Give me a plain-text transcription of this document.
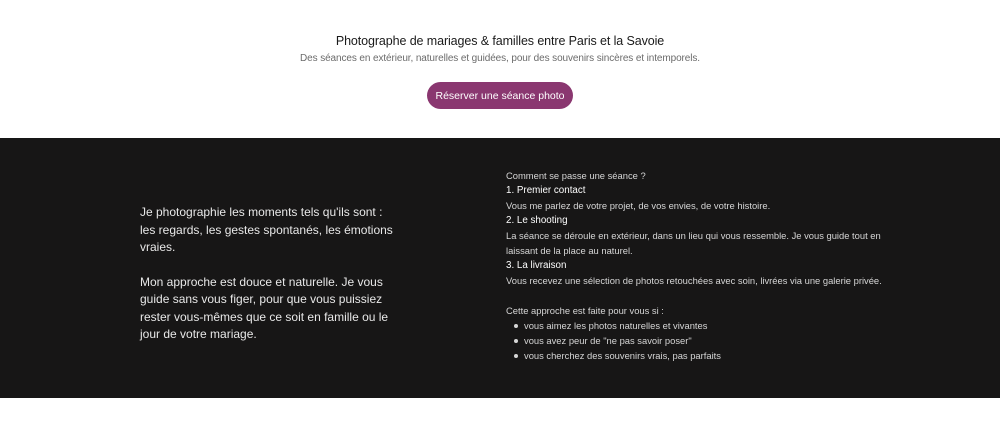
Photographe de mariages & familles entre Paris et la Savoie
Des séances en extérieur, naturelles et guidées, pour des souvenirs sincères et intemporels.
Réserver une séance photo

Je photographie les moments tels qu'ils sont : les regards, les gestes spontanés, les émotions vraies.

Mon approche est douce et naturelle. Je vous guide sans vous figer, pour que vous puissiez rester vous-mêmes que ce soit en famille ou le jour de votre mariage.

Comment se passe une séance ?
1. Premier contact
Vous me parlez de votre projet, de vos envies, de votre histoire.
2. Le shooting
La séance se déroule en extérieur, dans un lieu qui vous ressemble. Je vous guide tout en laissant de la place au naturel.
3. La livraison
Vous recevez une sélection de photos retouchées avec soin, livrées via une galerie privée.
Cette approche est faite pour vous si :
vous aimez les photos naturelles et vivantes
vous avez peur de "ne pas savoir poser"
vous cherchez des souvenirs vrais, pas parfaits
